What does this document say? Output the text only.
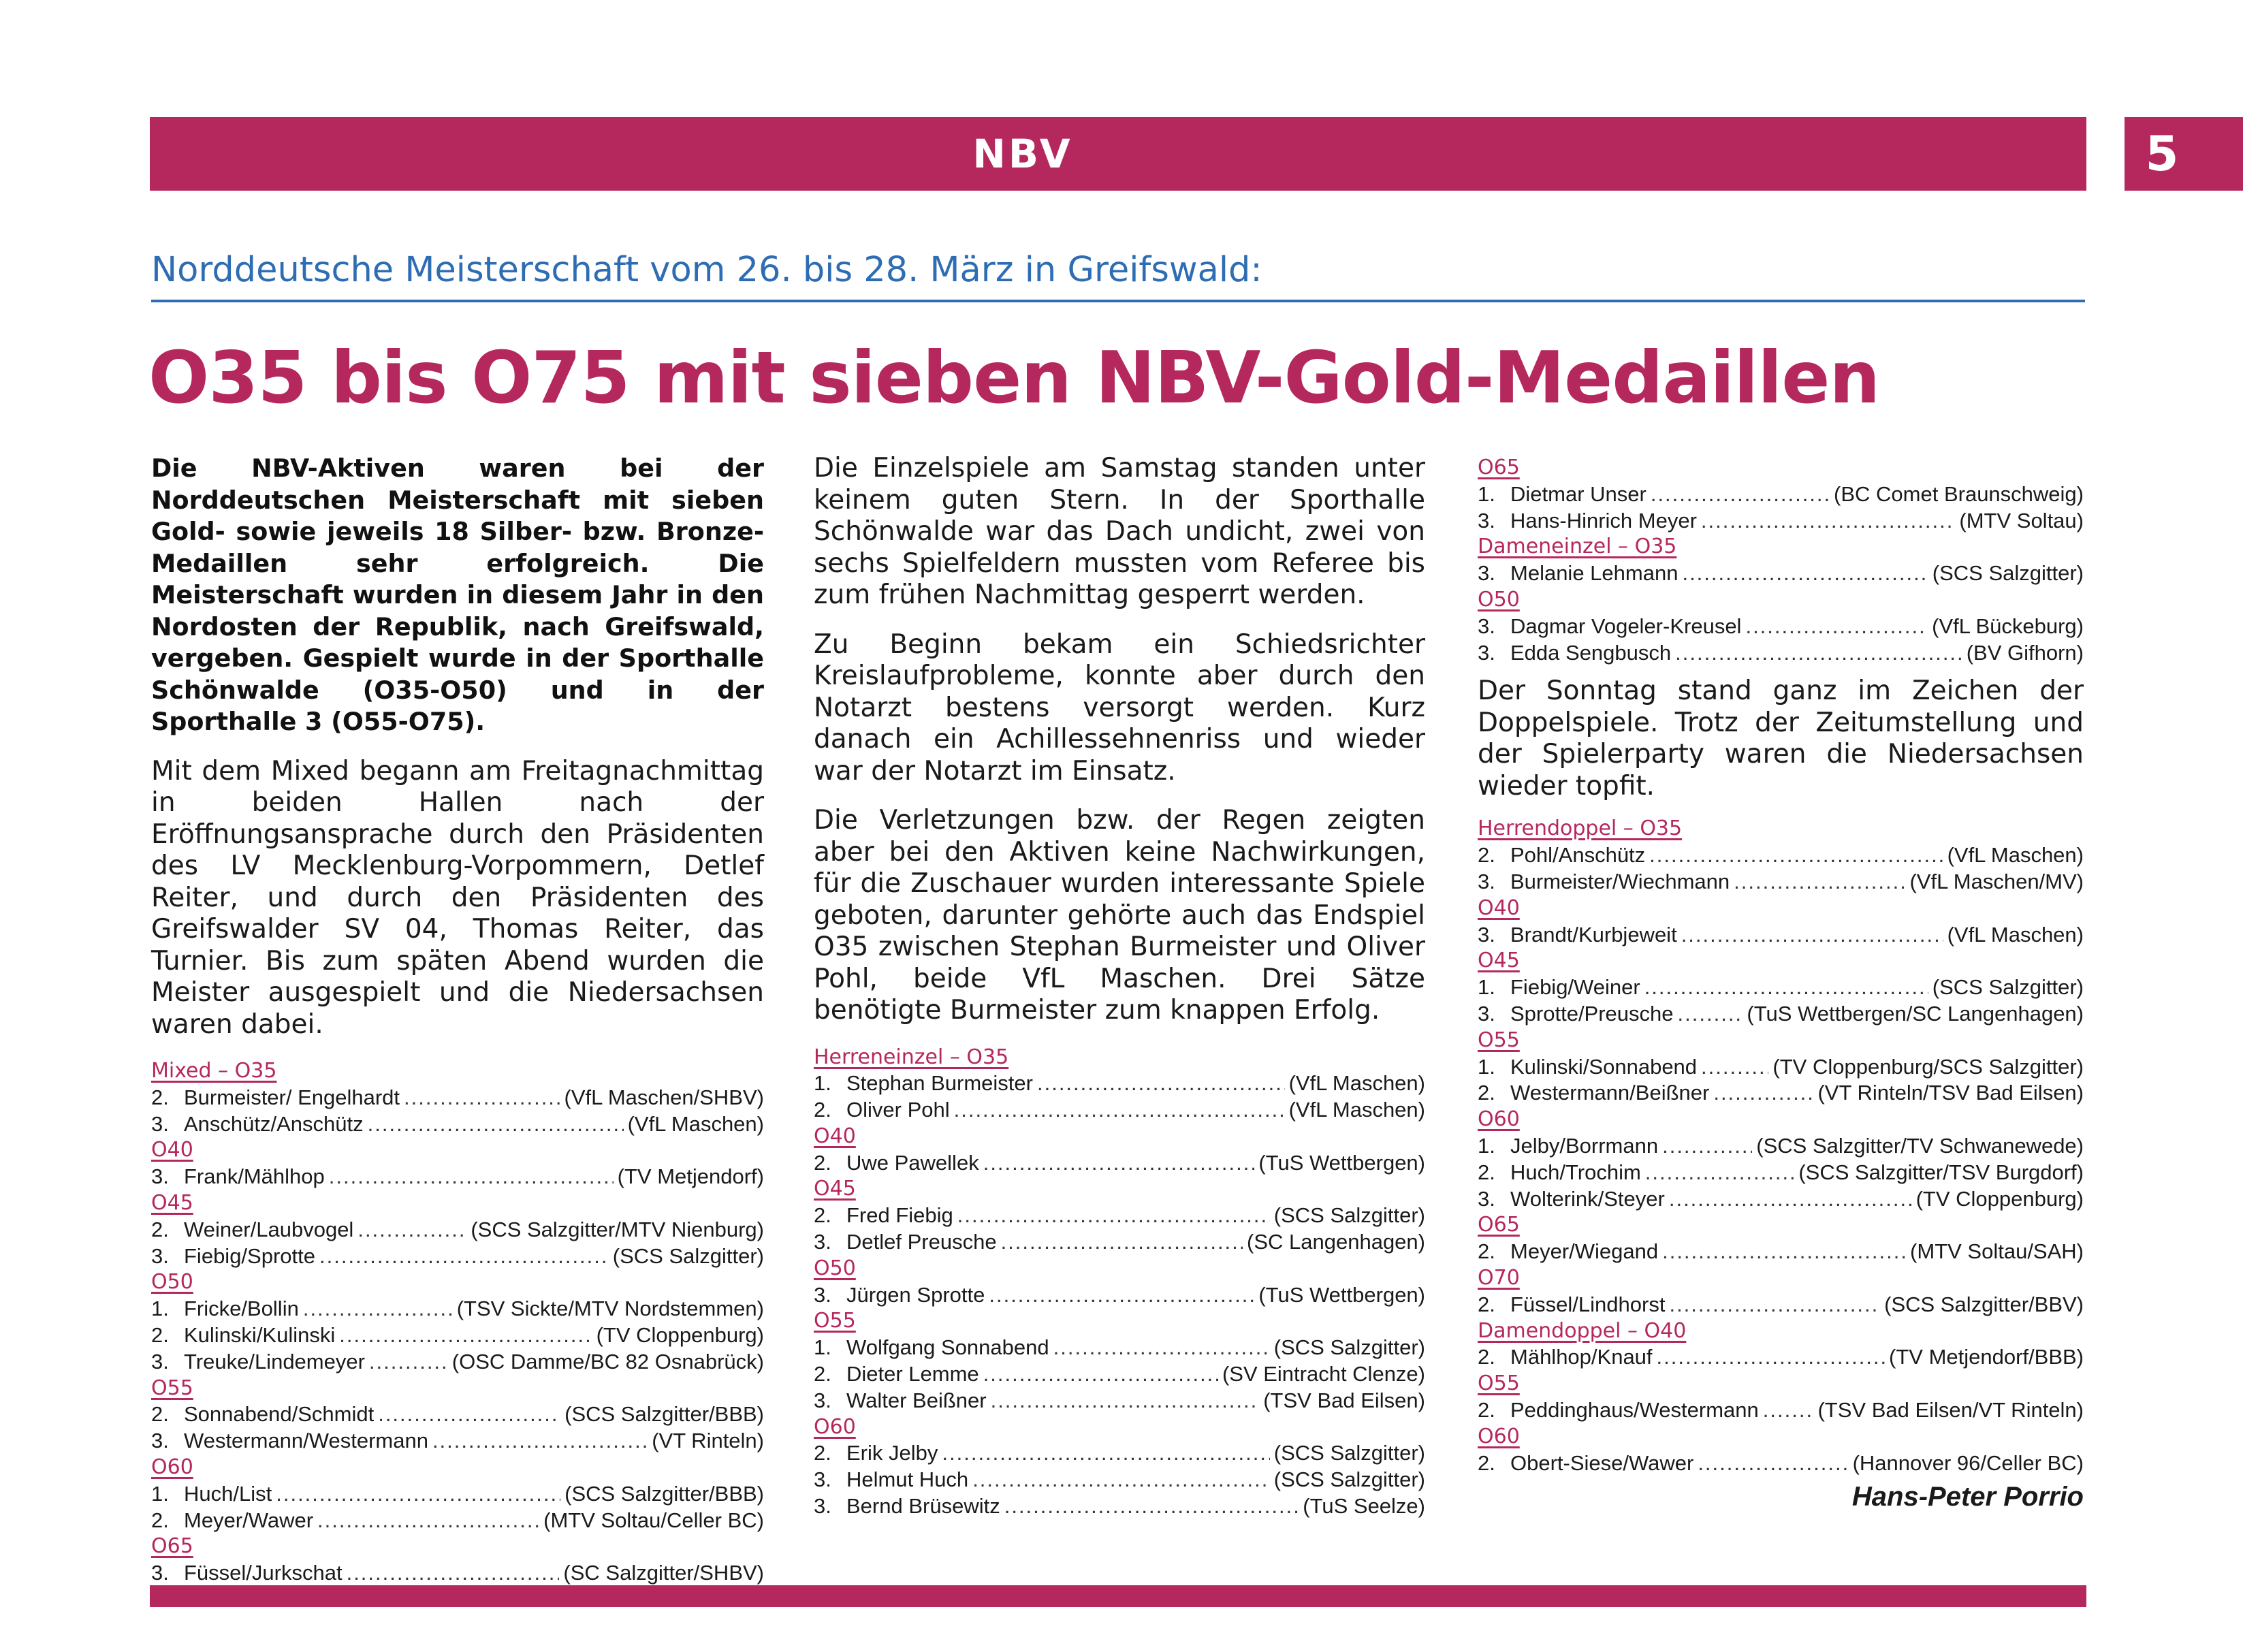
NBV	5
Norddeutsche Meisterschaft vom 26. bis 28. März in Greifswald:
O35 bis O75 mit sieben NBV-Gold-Medaillen

Die NBV-Aktiven waren bei der Norddeutschen Meisterschaft mit sieben Gold- sowie jeweils 18 Silber- bzw. Bronze-Medaillen sehr erfolgreich. Die Meisterschaft wurden in diesem Jahr in den Nordosten der Republik, nach Greifswald, vergeben. Gespielt wurde in der Sporthalle Schönwalde (O35-O50) und in der Sporthalle 3 (O55-O75).

Mit dem Mixed begann am Freitagnachmittag in beiden Hallen nach der Eröffnungsansprache durch den Präsidenten des LV Mecklenburg-Vorpommern, Detlef Reiter, und durch den Präsidenten des Greifswalder SV 04, Thomas Reiter, das Turnier. Bis zum späten Abend wurden die Meister ausgespielt und die Niedersachsen waren dabei.

Mixed – O35
2. Burmeister/ Engelhardt .....	(VfL Maschen/SHBV)
3. Anschütz/Anschütz .....	(VfL Maschen)
O40
3. Frank/Mählhop .....	(TV Metjendorf)
O45
2. Weiner/Laubvogel .....	(SCS Salzgitter/MTV Nienburg)
3. Fiebig/Sprotte .....	(SCS Salzgitter)
O50
1. Fricke/Bollin .....	(TSV Sickte/MTV Nordstemmen)
2. Kulinski/Kulinski .....	(TV Cloppenburg)
3. Treuke/Lindemeyer .....	(OSC Damme/BC 82 Osnabrück)
O55
2. Sonnabend/Schmidt .....	(SCS Salzgitter/BBB)
3. Westermann/Westermann .....	(VT Rinteln)
O60
1. Huch/List .....	(SCS Salzgitter/BBB)
2. Meyer/Wawer .....	(MTV Soltau/Celler BC)
O65
3. Füssel/Jurkschat .....	(SC Salzgitter/SHBV)

Die Einzelspiele am Samstag standen unter keinem guten Stern. In der Sporthalle Schönwalde war das Dach undicht, zwei von sechs Spielfeldern mussten vom Referee bis zum frühen Nachmittag gesperrt werden.

Zu Beginn bekam ein Schiedsrichter Kreislaufprobleme, konnte aber durch den Notarzt bestens versorgt werden. Kurz danach ein Achillessehnenriss und wieder war der Notarzt im Einsatz.

Die Verletzungen bzw. der Regen zeigten aber bei den Aktiven keine Nachwirkungen, für die Zuschauer wurden interessante Spiele geboten, darunter gehörte auch das Endspiel O35 zwischen Stephan Burmeister und Oliver Pohl, beide VfL Maschen. Drei Sätze benötigte Burmeister zum knappen Erfolg.

Herreneinzel – O35
1. Stephan Burmeister .....	(VfL Maschen)
2. Oliver Pohl .....	(VfL Maschen)
O40
2. Uwe Pawellek .....	(TuS Wettbergen)
O45
2. Fred Fiebig .....	(SCS Salzgitter)
3. Detlef Preusche .....	(SC Langenhagen)
O50
3. Jürgen Sprotte .....	(TuS Wettbergen)
O55
1. Wolfgang Sonnabend .....	(SCS Salzgitter)
2. Dieter Lemme .....	(SV Eintracht Clenze)
3. Walter Beißner .....	(TSV Bad Eilsen)
O60
2. Erik Jelby .....	(SCS Salzgitter)
3. Helmut Huch .....	(SCS Salzgitter)
3. Bernd Brüsewitz .....	(TuS Seelze)
O65
1. Dietmar Unser .....	(BC Comet Braunschweig)
3. Hans-Hinrich Meyer .....	(MTV Soltau)
Dameneinzel – O35
3. Melanie Lehmann .....	(SCS Salzgitter)
O50
3. Dagmar Vogeler-Kreusel .....	(VfL Bückeburg)
3. Edda Sengbusch .....	(BV Gifhorn)

Der Sonntag stand ganz im Zeichen der Doppelspiele. Trotz der Zeitumstellung und der Spielerparty waren die Niedersachsen wieder topfit.

Herrendoppel – O35
2. Pohl/Anschütz .....	(VfL Maschen)
3. Burmeister/Wiechmann .....	(VfL Maschen/MV)
O40
3. Brandt/Kurbjeweit .....	(VfL Maschen)
O45
1. Fiebig/Weiner .....	(SCS Salzgitter)
3. Sprotte/Preusche .....	(TuS Wettbergen/SC Langenhagen)
O55
1. Kulinski/Sonnabend .....	(TV Cloppenburg/SCS Salzgitter)
2. Westermann/Beißner .....	(VT Rinteln/TSV Bad Eilsen)
O60
1. Jelby/Borrmann .....	(SCS Salzgitter/TV Schwanewede)
2. Huch/Trochim .....	(SCS Salzgitter/TSV Burgdorf)
3. Wolterink/Steyer .....	(TV Cloppenburg)
O65
2. Meyer/Wiegand .....	(MTV Soltau/SAH)
O70
2. Füssel/Lindhorst .....	(SCS Salzgitter/BBV)
Damendoppel – O40
2. Mählhop/Knauf .....	(TV Metjendorf/BBB)
O55
2. Peddinghaus/Westermann .....	(TSV Bad Eilsen/VT Rinteln)
O60
2. Obert-Siese/Wawer .....	(Hannover 96/Celler BC)
Hans-Peter Porrio
